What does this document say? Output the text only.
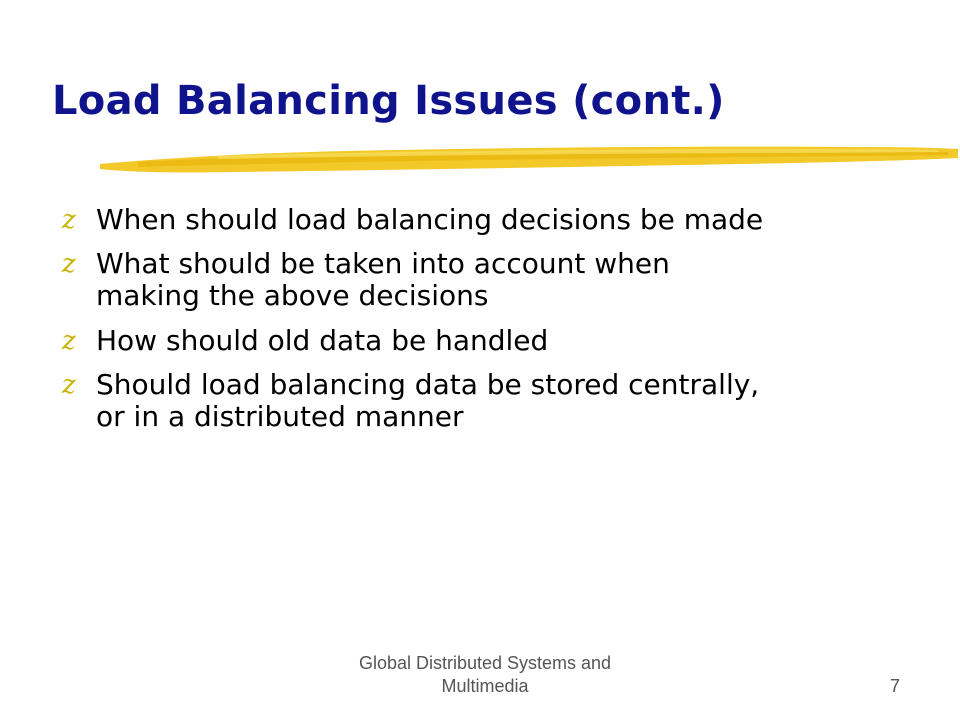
Load Balancing Issues (cont.)
z When should load balancing decisions be made
z What should be taken into account when
making the above decisions
z How should old data be handled
z Should load balancing data be stored centrally,
or in a distributed manner
Global Distributed Systems and
Multimedia	7
